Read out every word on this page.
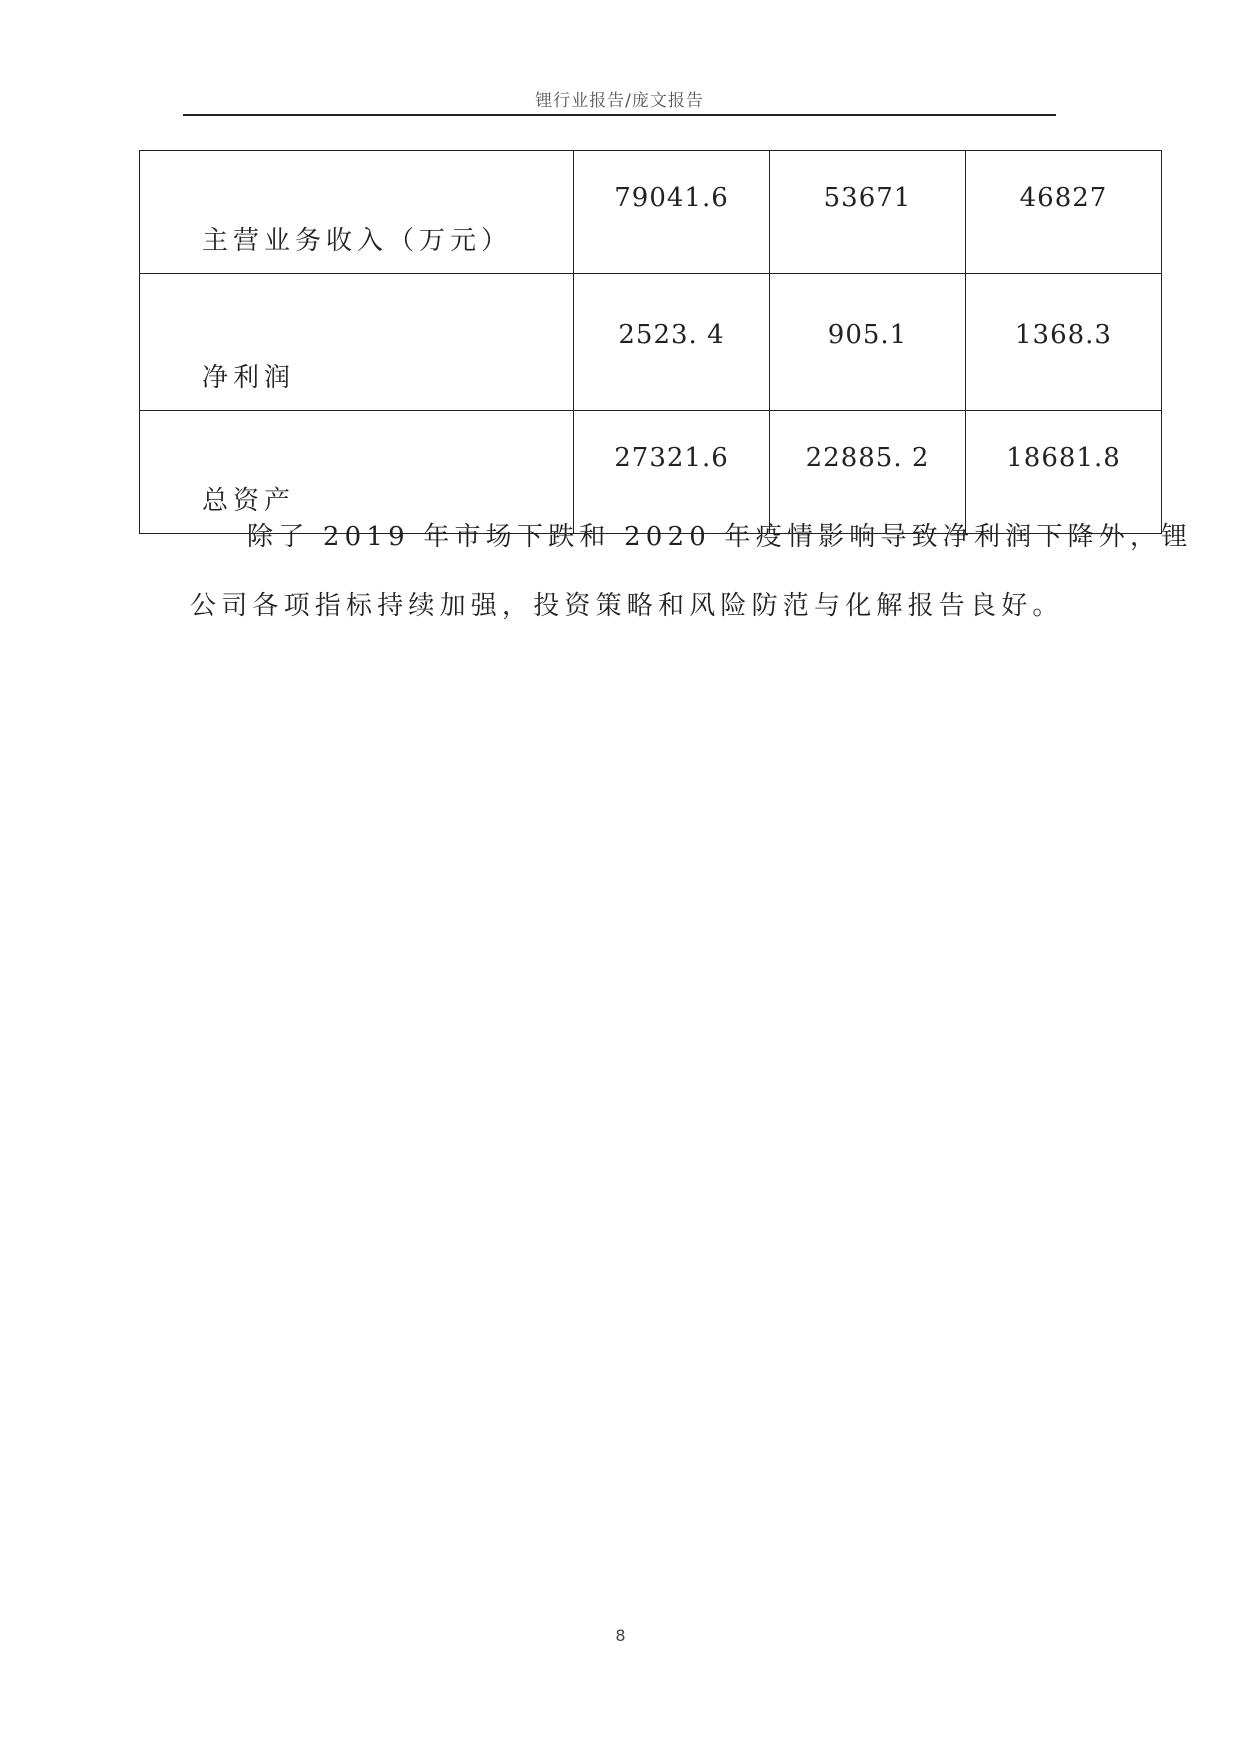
锂行业报告/庞文报告
主营业务收入（万元）	79041.6	53671	46827
净利润	2523. 4	905.1	1368.3
总资产	27321.6	22885. 2	18681.8
除了 2019 年市场下跌和 2020 年疫情影响导致净利润下降外，锂
公司各项指标持续加强，投资策略和风险防范与化解报告良好。
8
